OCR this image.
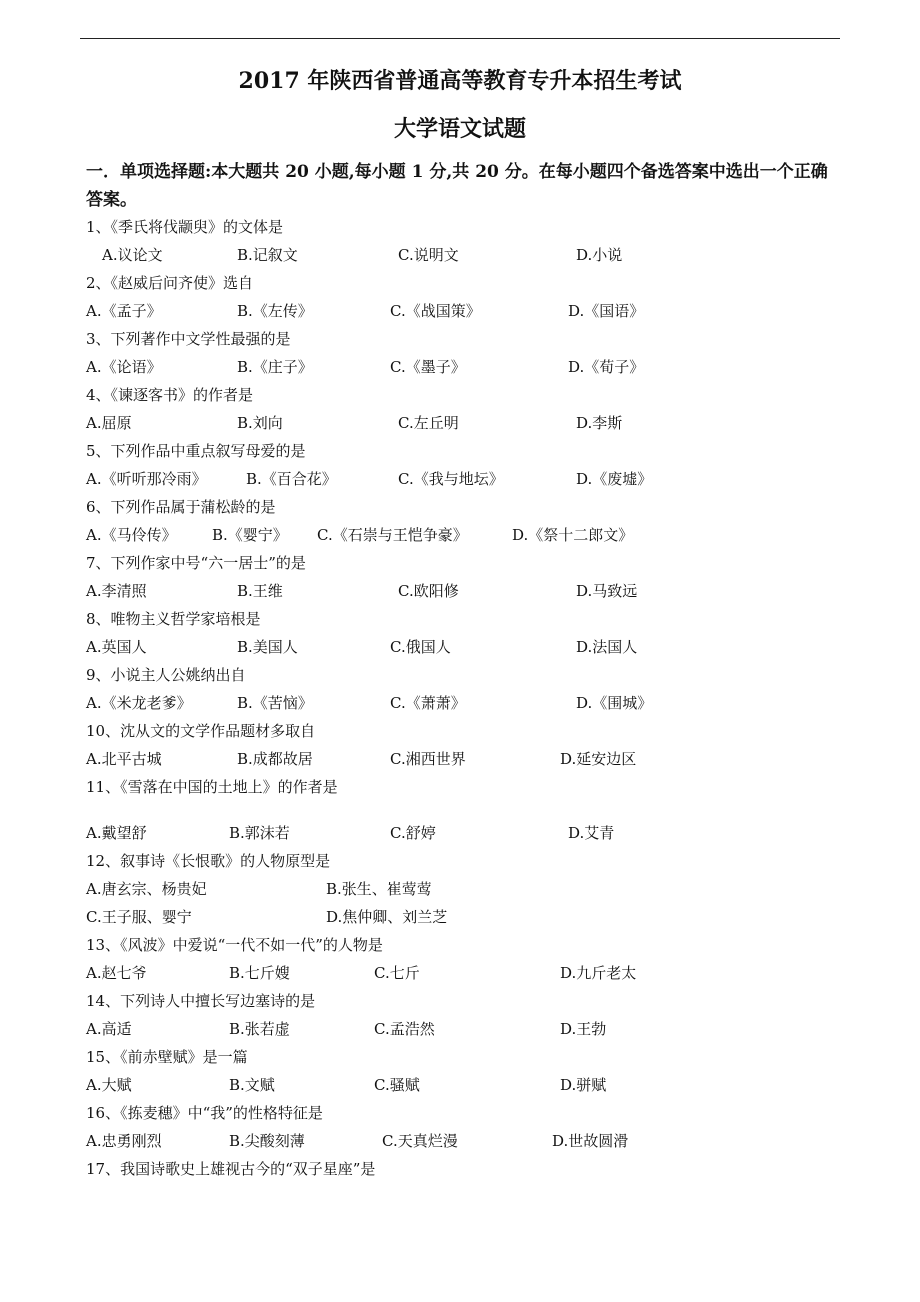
2017 年陕西省普通高等教育专升本招生考试
大学语文试题
一．单项选择题:本大题共 20 小题,每小题 1 分,共 20 分。在每小题四个备选答案中选出一个正确答案。
1、《季氏将伐颛臾》的文体是
A.议论文	B.记叙文	C.说明文	D.小说
2、《赵威后问齐使》选自
A.《孟子》	B.《左传》	C.《战国策》	D.《国语》
3、下列著作中文学性最强的是
A.《论语》	B.《庄子》	C.《墨子》	D.《荀子》
4、《谏逐客书》的作者是
A.屈原	B.刘向	C.左丘明	D.李斯
5、下列作品中重点叙写母爱的是
A.《听听那冷雨》	B.《百合花》	C.《我与地坛》	D.《废墟》
6、下列作品属于蒲松龄的是
A.《马伶传》 B.《婴宁》 C.《石崇与王恺争豪》	D.《祭十二郎文》
7、下列作家中号“六一居士”的是
A.李清照	B.王维	C.欧阳修	D.马致远
8、唯物主义哲学家培根是
A.英国人	B.美国人	C.俄国人	D.法国人
9、小说主人公姚纳出自
A.《米龙老爹》	B.《苦恼》	C.《萧萧》	D.《围城》
10、沈从文的文学作品题材多取自
A.北平古城	B.成都故居	C.湘西世界	D.延安边区
11、《雪落在中国的土地上》的作者是
A.戴望舒	B.郭沫若	C.舒婷	D.艾青
12、叙事诗《长恨歌》的人物原型是
A.唐玄宗、杨贵妃	B.张生、崔莺莺
C.王子服、婴宁	D.焦仲卿、刘兰芝
13、《风波》中爱说“一代不如一代”的人物是
A.赵七爷	B.七斤嫂	C.七斤	D.九斤老太
14、下列诗人中擅长写边塞诗的是
A.高适	B.张若虚	C.孟浩然	D.王勃
15、《前赤壁赋》是一篇
A.大赋	B.文赋	C.骚赋	D.骈赋
16、《拣麦穗》中“我”的性格特征是
A.忠勇刚烈	B.尖酸刻薄	C.天真烂漫	D.世故圆滑
17、我国诗歌史上雄视古今的“双子星座”是
